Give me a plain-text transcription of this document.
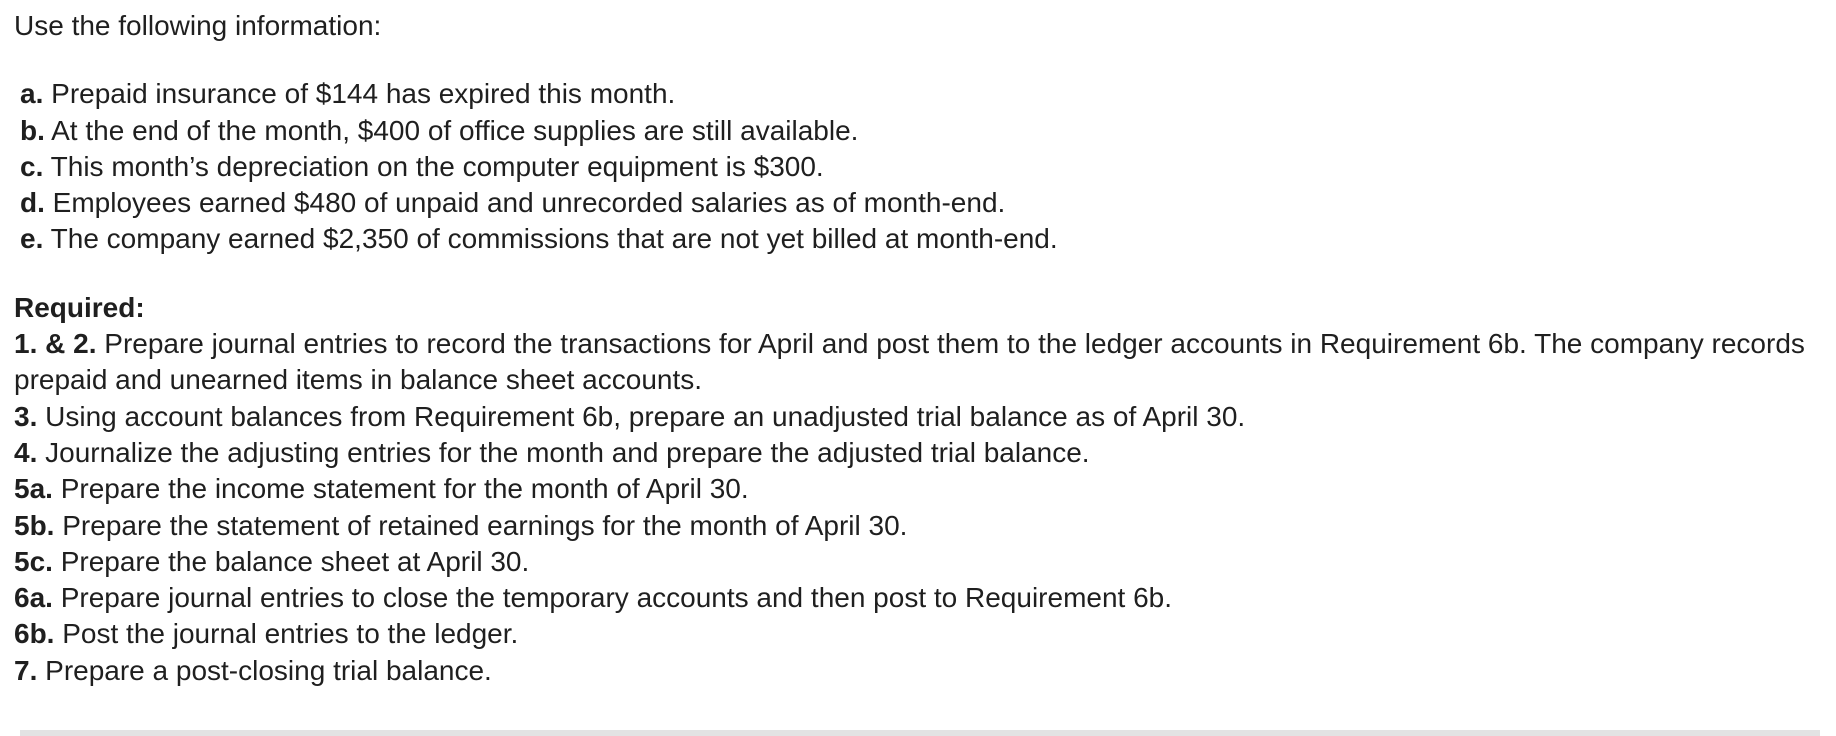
Use the following information:

a. Prepaid insurance of $144 has expired this month.
b. At the end of the month, $400 of office supplies are still available.
c. This month’s depreciation on the computer equipment is $300.
d. Employees earned $480 of unpaid and unrecorded salaries as of month-end.
e. The company earned $2,350 of commissions that are not yet billed at month-end.

Required:

1. & 2. Prepare journal entries to record the transactions for April and post them to the ledger accounts in Requirement 6b. The company records prepaid and unearned items in balance sheet accounts.
3. Using account balances from Requirement 6b, prepare an unadjusted trial balance as of April 30.
4. Journalize the adjusting entries for the month and prepare the adjusted trial balance.
5a. Prepare the income statement for the month of April 30.
5b. Prepare the statement of retained earnings for the month of April 30.
5c. Prepare the balance sheet at April 30.
6a. Prepare journal entries to close the temporary accounts and then post to Requirement 6b.
6b. Post the journal entries to the ledger.
7. Prepare a post-closing trial balance.
